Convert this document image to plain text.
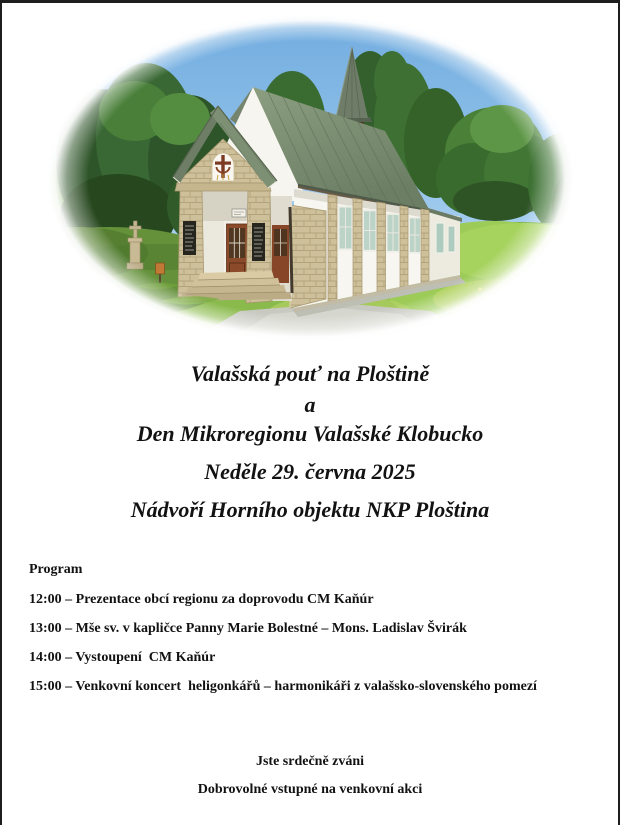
Valašská pouť na Ploštině
a
Den Mikroregionu Valašské Klobucko
Neděle 29. června 2025
Nádvoří Horního objektu NKP Ploština
Program

12:00 – Prezentace obcí regionu za doprovodu CM Kaňúr

13:00 – Mše sv. v kapličce Panny Marie Bolestné – Mons. Ladislav Švirák

14:00 – Vystoupení  CM Kaňúr

15:00 – Venkovní koncert  heligonkářů – harmonikáři z valašsko-slovenského pomezí

Jste srdečně zváni
Dobrovolné vstupné na venkovní akci
